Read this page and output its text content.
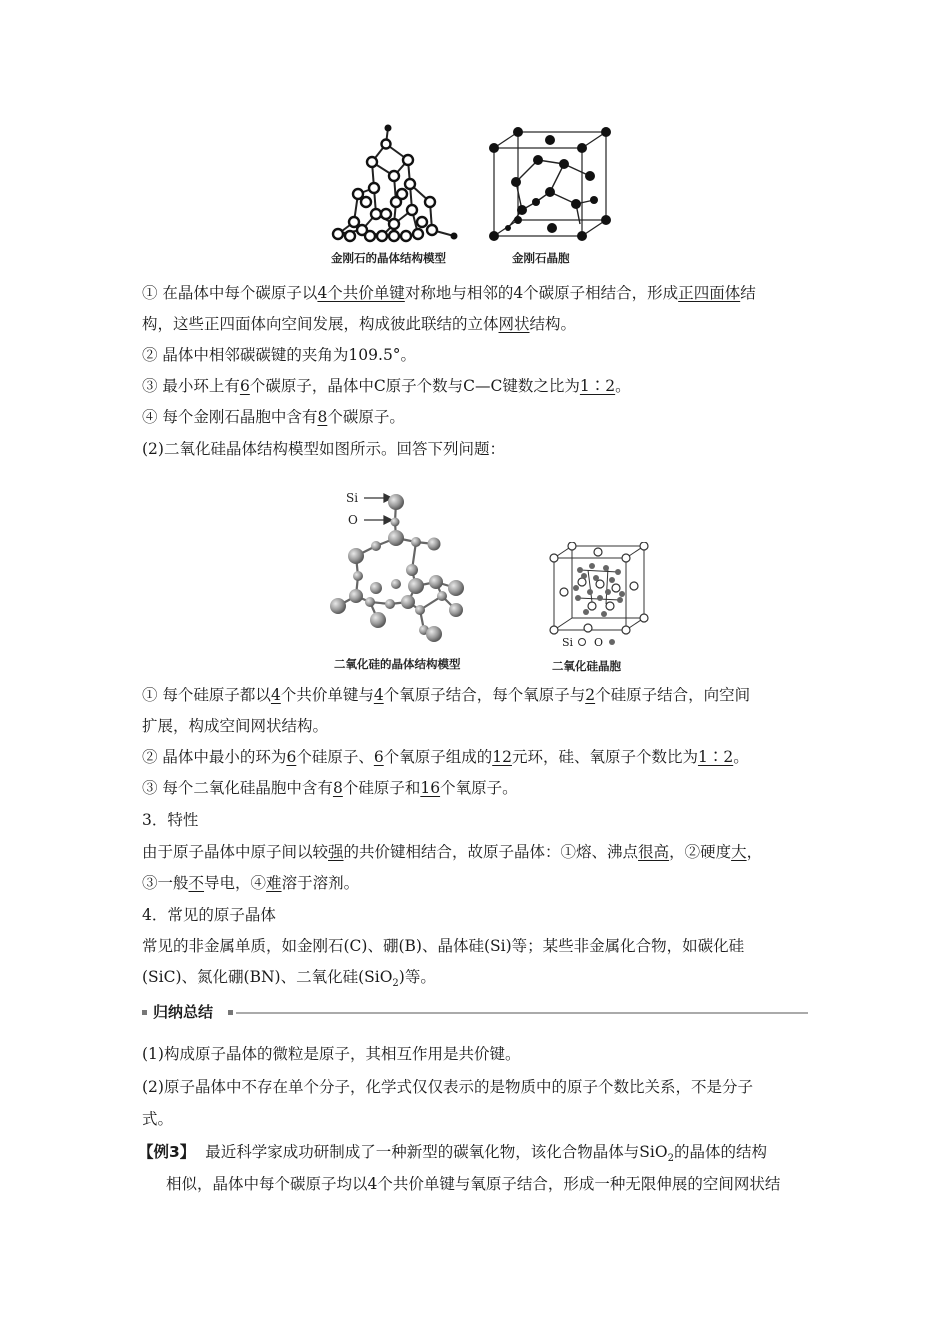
金刚石的晶体结构模型	金刚石晶胞
① 在晶体中每个碳原子以4个共价单键对称地与相邻的4个碳原子相结合，形成正四面体结
构，这些正四面体向空间发展，构成彼此联结的立体网状结构。
② 晶体中相邻碳碳键的夹角为109.5°。
③ 最小环上有6个碳原子，晶体中C原子个数与C—C键数之比为1∶2。
④ 每个金刚石晶胞中含有8个碳原子。
(2)二氧化硅晶体结构模型如图所示。回答下列问题：
Si
O
Si O
二氧化硅的晶体结构模型	二氧化硅晶胞
① 每个硅原子都以4个共价单键与4个氧原子结合，每个氧原子与2个硅原子结合，向空间
扩展，构成空间网状结构。
② 晶体中最小的环为6个硅原子、6个氧原子组成的12元环，硅、氧原子个数比为1∶2。
③ 每个二氧化硅晶胞中含有8个硅原子和16个氧原子。
3．特性
由于原子晶体中原子间以较强的共价键相结合，故原子晶体：①熔、沸点很高，②硬度大，
③一般不导电，④难溶于溶剂。
4．常见的原子晶体
常见的非金属单质，如金刚石(C)、硼(B)、晶体硅(Si)等；某些非金属化合物，如碳化硅
(SiC)、氮化硼(BN)、二氧化硅(SiO$_2$)等。
归纳总结
(1)构成原子晶体的微粒是原子，其相互作用是共价键。
(2)原子晶体中不存在单个分子，化学式仅仅表示的是物质中的原子个数比关系，不是分子
式。
【例3】 最近科学家成功研制成了一种新型的碳氧化物，该化合物晶体与SiO$_2$的晶体的结构
相似，晶体中每个碳原子均以4个共价单键与氧原子结合，形成一种无限伸展的空间网状结
